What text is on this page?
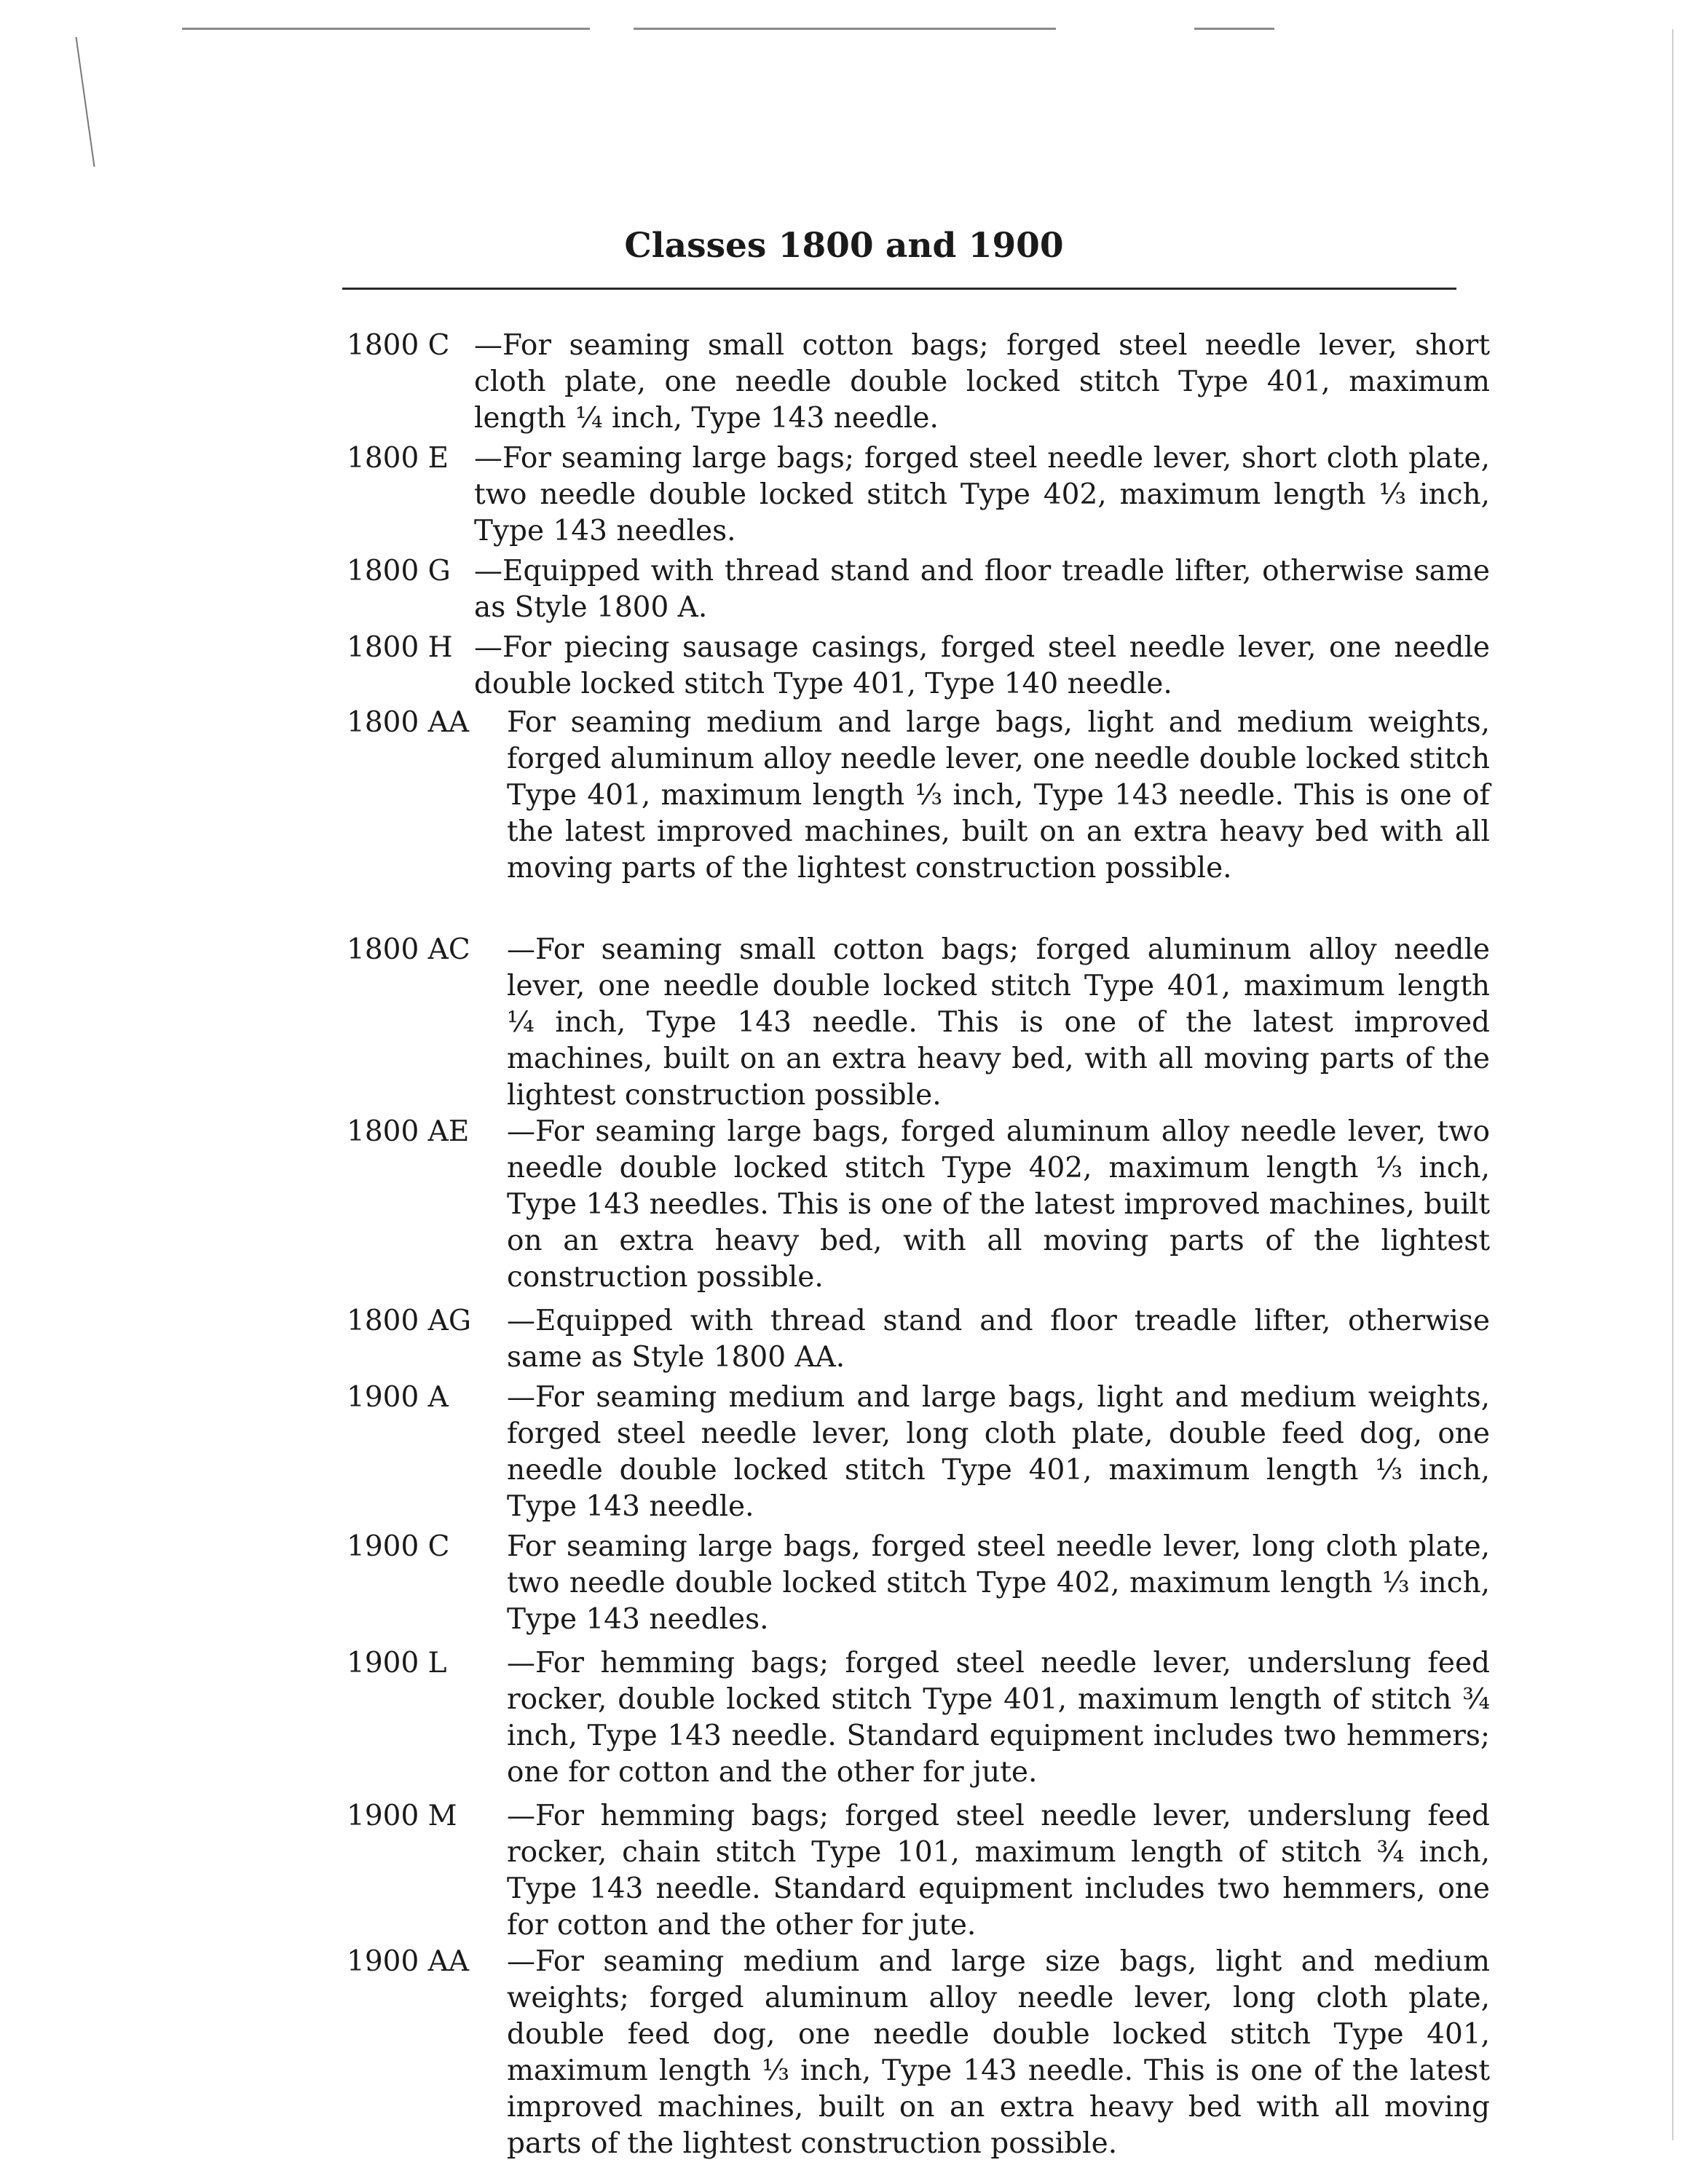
Classes 1800 and 1900
1800 C —For seaming small cotton bags; forged steel needle lever, short cloth plate, one needle double locked stitch Type 401, maximum length ¼ inch, Type 143 needle.

1800 E —For seaming large bags; forged steel needle lever, short cloth plate, two needle double locked stitch Type 402, maximum length ⅓ inch, Type 143 needles.

1800 G —Equipped with thread stand and floor treadle lifter, otherwise same as Style 1800 A.

1800 H —For piecing sausage casings, forged steel needle lever, one needle double locked stitch Type 401, Type 140 needle.

1800 AA	For seaming medium and large bags, light and medium weights, forged aluminum alloy needle lever, one needle double locked stitch Type 401, maximum length ⅓ inch, Type 143 needle. This is one of the latest improved machines, built on an extra heavy bed with all moving parts of the lightest construction possible.

1800 AC	—For seaming small cotton bags; forged aluminum alloy needle lever, one needle double locked stitch Type 401, maximum length ¼ inch, Type 143 needle. This is one of the latest improved machines, built on an extra heavy bed, with all moving parts of the lightest construction possible.

1800 AE	—For seaming large bags, forged aluminum alloy needle lever, two needle double locked stitch Type 402, maximum length ⅓ inch, Type 143 needles. This is one of the latest improved machines, built on an extra heavy bed, with all moving parts of the lightest construction possible.

1800 AG	—Equipped with thread stand and floor treadle lifter, otherwise same as Style 1800 AA.

1900 A	—For seaming medium and large bags, light and medium weights, forged steel needle lever, long cloth plate, double feed dog, one needle double locked stitch Type 401, maximum length ⅓ inch, Type 143 needle.

1900 C	For seaming large bags, forged steel needle lever, long cloth plate, two needle double locked stitch Type 402, maximum length ⅓ inch, Type 143 needles.

1900 L	—For hemming bags; forged steel needle lever, underslung feed rocker, double locked stitch Type 401, maximum length of stitch ¾ inch, Type 143 needle. Standard equipment includes two hemmers; one for cotton and the other for jute.

1900 M	—For hemming bags; forged steel needle lever, underslung feed rocker, chain stitch Type 101, maximum length of stitch ¾ inch, Type 143 needle. Standard equipment includes two hemmers, one for cotton and the other for jute.

1900 AA	—For seaming medium and large size bags, light and medium weights; forged aluminum alloy needle lever, long cloth plate, double feed dog, one needle double locked stitch Type 401, maximum length ⅓ inch, Type 143 needle. This is one of the latest improved machines, built on an extra heavy bed with all moving parts of the lightest construction possible.
